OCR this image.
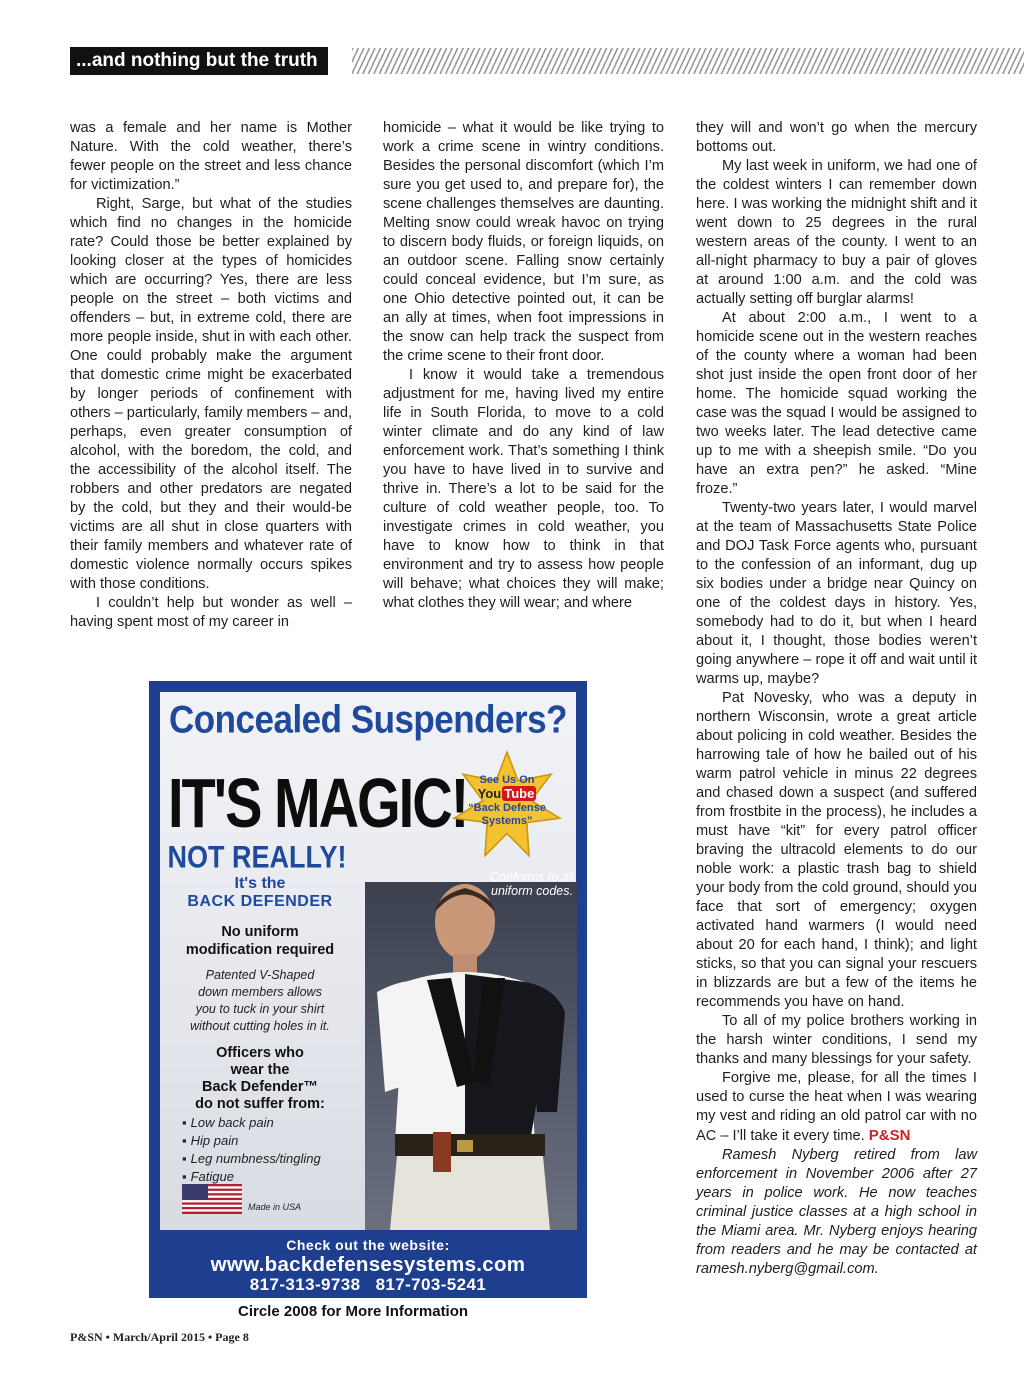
...and nothing but the truth

was a female and her name is Mother Nature. With the cold weather, there’s fewer people on the street and less chance for victimization.”

Right, Sarge, but what of the studies which find no changes in the homicide rate? Could those be better explained by looking closer at the types of homicides which are occurring? Yes, there are less people on the street – both victims and offenders – but, in extreme cold, there are more people inside, shut in with each other. One could probably make the argument that domestic crime might be exacerbated by longer periods of confinement with others – particularly, family members – and, perhaps, even greater consumption of alcohol, with the boredom, the cold, and the accessibility of the alcohol itself. The robbers and other predators are negated by the cold, but they and their would-be victims are all shut in close quarters with their family members and whatever rate of domestic violence normally occurs spikes with those conditions.

I couldn’t help but wonder as well – having spent most of my career in

homicide – what it would be like trying to work a crime scene in wintry conditions. Besides the personal discomfort (which I’m sure you get used to, and prepare for), the scene challenges themselves are daunting. Melting snow could wreak havoc on trying to discern body fluids, or foreign liquids, on an outdoor scene. Falling snow certainly could conceal evidence, but I’m sure, as one Ohio detective pointed out, it can be an ally at times, when foot impressions in the snow can help track the suspect from the crime scene to their front door.

I know it would take a tremendous adjustment for me, having lived my entire life in South Florida, to move to a cold winter climate and do any kind of law enforcement work. That’s something I think you have to have lived in to survive and thrive in. There’s a lot to be said for the culture of cold weather people, too. To investigate crimes in cold weather, you have to know how to think in that environment and try to assess how people will behave; what choices they will make; what clothes they will wear; and where

they will and won’t go when the mercury bottoms out.

My last week in uniform, we had one of the coldest winters I can remember down here. I was working the midnight shift and it went down to 25 degrees in the rural western areas of the county. I went to an all-night pharmacy to buy a pair of gloves at around 1:00 a.m. and the cold was actually setting off burglar alarms!

At about 2:00 a.m., I went to a homicide scene out in the western reaches of the county where a woman had been shot just inside the open front door of her home. The homicide squad working the case was the squad I would be assigned to two weeks later. The lead detective came up to me with a sheepish smile. “Do you have an extra pen?” he asked. “Mine froze.”

Twenty-two years later, I would marvel at the team of Massachusetts State Police and DOJ Task Force agents who, pursuant to the confession of an informant, dug up six bodies under a bridge near Quincy on one of the coldest days in history. Yes, somebody had to do it, but when I heard about it, I thought, those bodies weren’t going anywhere – rope it off and wait until it warms up, maybe?

Pat Novesky, who was a deputy in northern Wisconsin, wrote a great article about policing in cold weather. Besides the harrowing tale of how he bailed out of his warm patrol vehicle in minus 22 degrees and chased down a suspect (and suffered from frostbite in the process), he includes a must have “kit” for every patrol officer braving the ultracold elements to do our noble work: a plastic trash bag to shield your body from the cold ground, should you face that sort of emergency; oxygen activated hand warmers (I would need about 20 for each hand, I think); and light sticks, so that you can signal your rescuers in blizzards are but a few of the items he recommends you have on hand.

To all of my police brothers working in the harsh winter conditions, I send my thanks and many blessings for your safety.

Forgive me, please, for all the times I used to curse the heat when I was wearing my vest and riding an old patrol car with no AC – I’ll take it every time. P&SN

Ramesh Nyberg retired from law enforcement in November 2006 after 27 years in police work. He now teaches criminal justice classes at a high school in the Miami area. Mr. Nyberg enjoys hearing from readers and he may be contacted at ramesh.nyberg@gmail.com.

Concealed Suspenders?
IT'S MAGIC!	See Us On
You Tube
“Back Defense
Systems”
NOT REALLY!
It's the
BACK DEFENDER
No uniform
modification required
Patented V-Shaped
down members allows
you to tuck in your shirt
without cutting holes in it.
Officers who
wear the
Back Defender™
do not suffer from:
▪ Low back pain
▪ Hip pain
▪ Leg numbness/tingling
▪ Fatigue
Conforms to all uniform codes.
Made in USA
Check out the website:
www.backdefensesystems.com
817-313-9738 817-703-5241
Circle 2008 for More Information
P&SN • March/April 2015 • Page 8
